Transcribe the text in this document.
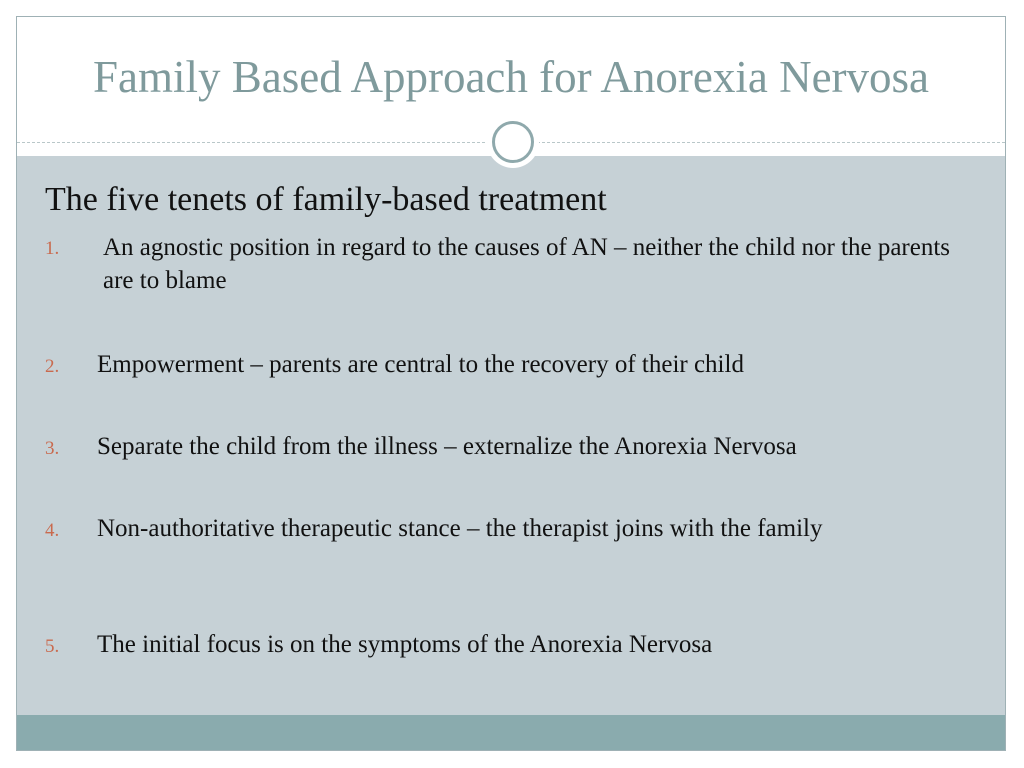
Family Based Approach for Anorexia Nervosa
The five tenets of family-based treatment
1. An agnostic position in regard to the causes of AN – neither the child nor the parents are to blame
2. Empowerment – parents are central to the recovery of their child
3. Separate the child from the illness – externalize the Anorexia Nervosa
4. Non-authoritative therapeutic stance – the therapist joins with the family
5. The initial focus is on the symptoms of the Anorexia Nervosa
